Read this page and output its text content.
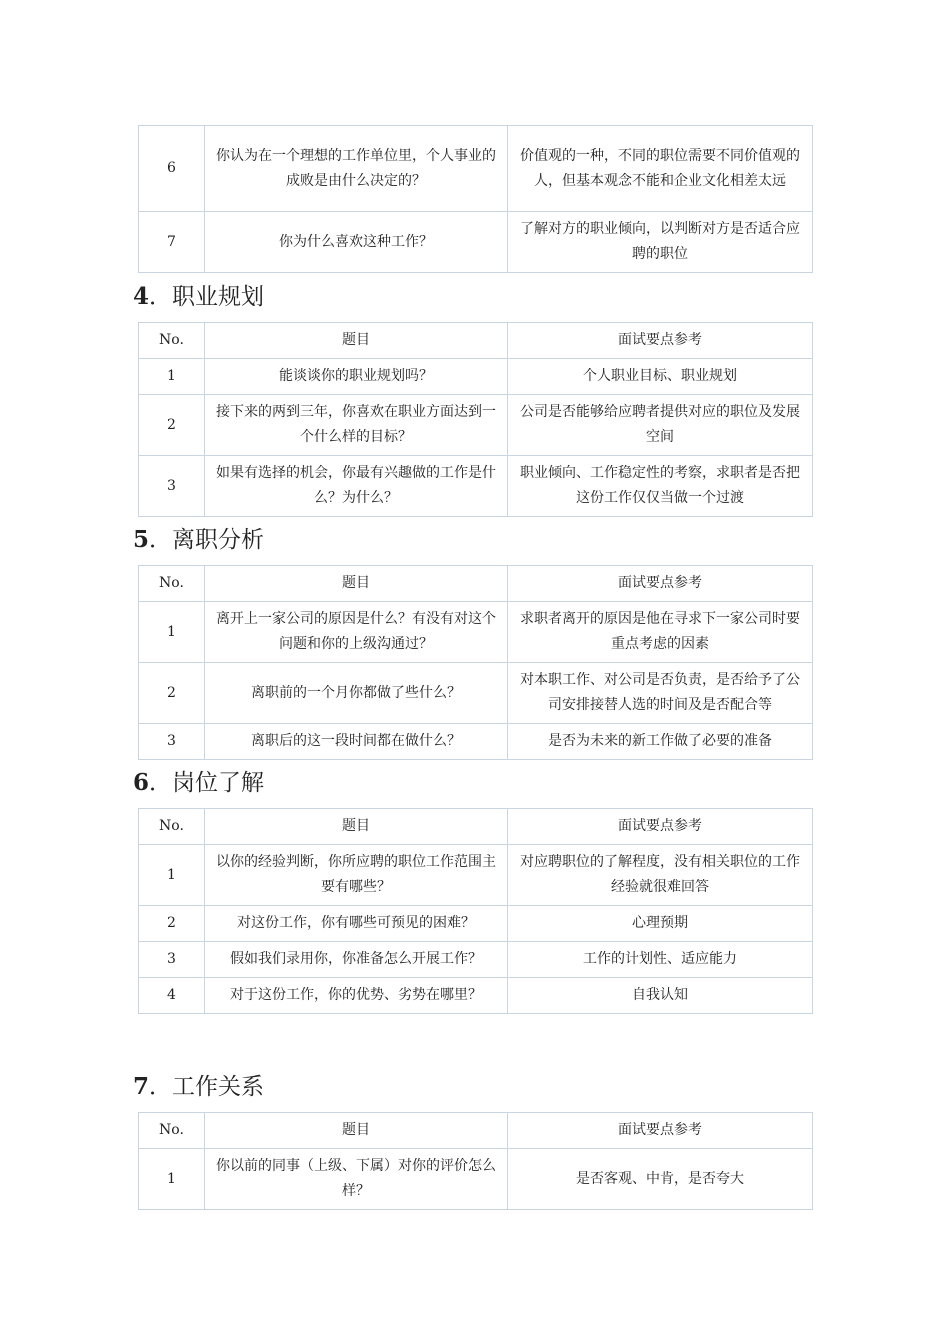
6	你认为在一个理想的工作单位里，个人事业的成败是由什么决定的？	价值观的一种，不同的职位需要不同价值观的人，但基本观念不能和企业文化相差太远
7	你为什么喜欢这种工作？	了解对方的职业倾向，以判断对方是否适合应聘的职位
4．职业规划
No.	题目	面试要点参考
1	能谈谈你的职业规划吗？	个人职业目标、职业规划
2	接下来的两到三年，你喜欢在职业方面达到一个什么样的目标？	公司是否能够给应聘者提供对应的职位及发展空间
3	如果有选择的机会，你最有兴趣做的工作是什么？为什么？	职业倾向、工作稳定性的考察，求职者是否把这份工作仅仅当做一个过渡
5．离职分析
No.	题目	面试要点参考
1	离开上一家公司的原因是什么？有没有对这个问题和你的上级沟通过？	求职者离开的原因是他在寻求下一家公司时要重点考虑的因素
2	离职前的一个月你都做了些什么？	对本职工作、对公司是否负责，是否给予了公司安排接替人选的时间及是否配合等
3	离职后的这一段时间都在做什么？	是否为未来的新工作做了必要的准备
6．岗位了解
No.	题目	面试要点参考
1	以你的经验判断，你所应聘的职位工作范围主要有哪些？	对应聘职位的了解程度，没有相关职位的工作经验就很难回答
2	对这份工作，你有哪些可预见的困难？	心理预期
3	假如我们录用你，你准备怎么开展工作？	工作的计划性、适应能力
4	对于这份工作，你的优势、劣势在哪里？	自我认知
7．工作关系
No.	题目	面试要点参考
1	你以前的同事（上级、下属）对你的评价怎么样？	是否客观、中肯，是否夸大
